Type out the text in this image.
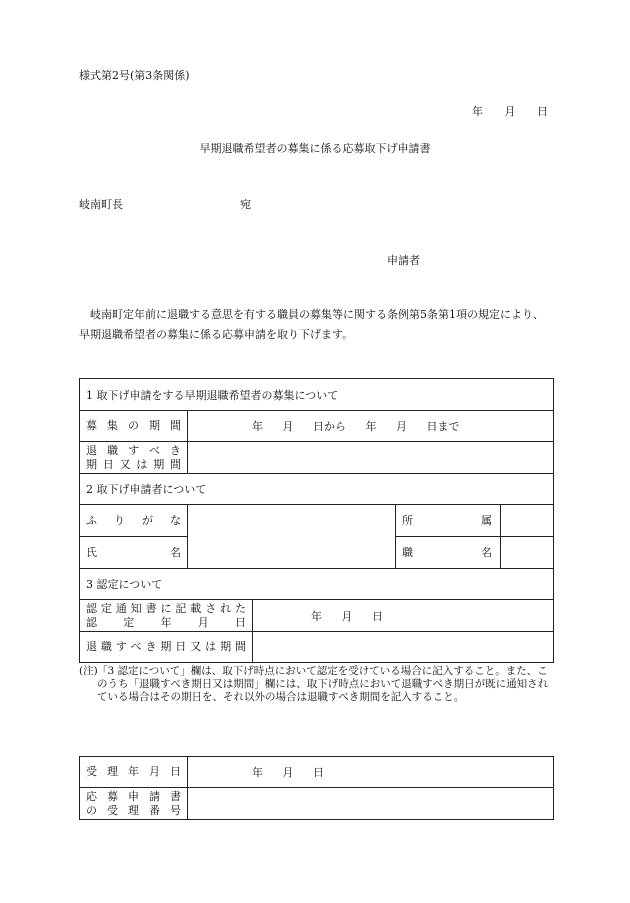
様式第2号(第3条関係)
年 月 日
早期退職希望者の募集に係る応募取下げ申請書
岐南町長	宛
申請者
岐南町定年前に退職する意思を有する職員の募集等に関する条例第5条第1項の規定により、早期退職希望者の募集に係る応募申請を取り下げます。
1 取下げ申請をする早期退職希望者の募集について				
募集の期間	年 月 日から 年 月 日まで			

退職すべき
期日又は期間				

2 取下げ申請者について				
ふりがな			所属	
氏名			職名	
3 認定について				

認定通知書に記載された
認定年月日		年 月 日		
退職すべき期日又は期間				
(注) 「3 認定について」欄は、取下げ時点において認定を受けている場合に記入すること。また、このうち「退職すべき期日又は期間」欄には、取下げ時点において退職すべき期日が既に通知されている場合はその期日を、それ以外の場合は退職すべき期間を記入すること。
受理年月日	年 月 日

応募申請書
の受理番号	
